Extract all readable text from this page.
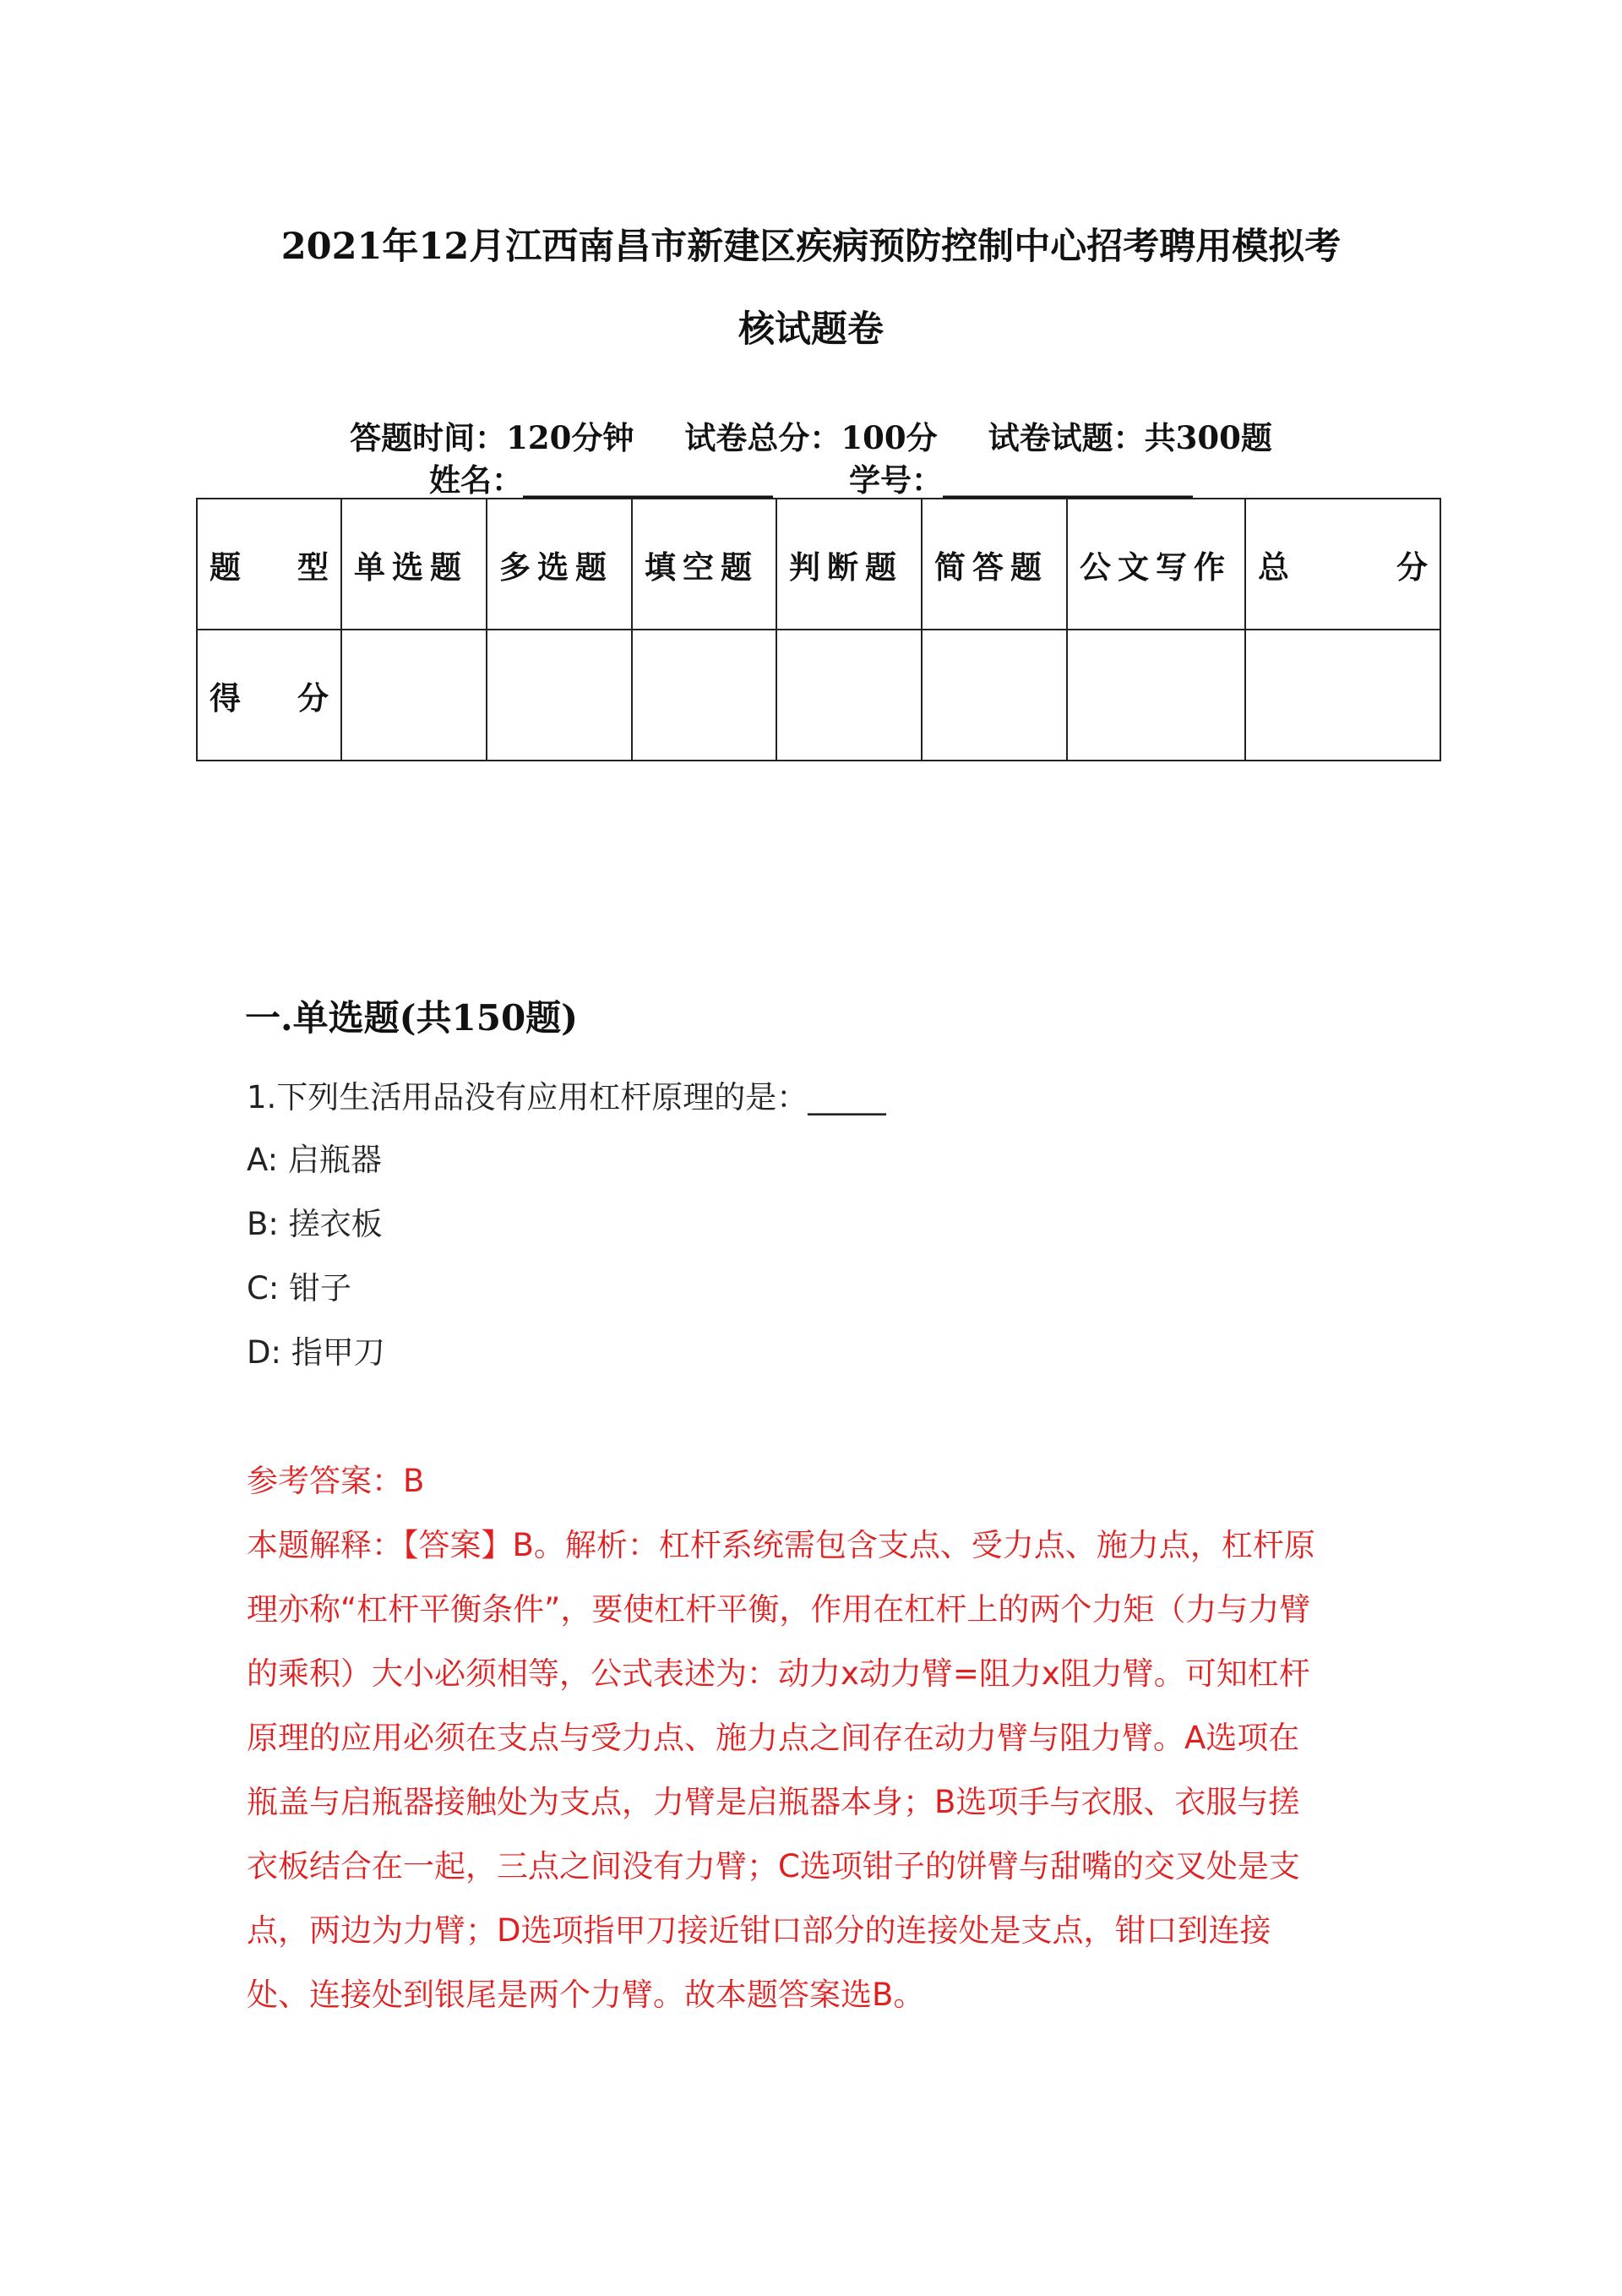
2021年12月江西南昌市新建区疾病预防控制中心招考聘用模拟考
核试题卷
答题时间：120分钟 试卷总分：100分 试卷试题：共300题
姓名：________________ 学号：________________
题 型	单选题	多选题	填空题	判断题	简答题	公文写作	总 分

得 分							

一.单选题(共150题)
1.下列生活用品没有应用杠杆原理的是：_____
A: 启瓶器
B: 搓衣板
C: 钳子
D: 指甲刀
参考答案：B
本题解释：【答案】B。解析：杠杆系统需包含支点、受力点、施力点，杠杆原
理亦称“杠杆平衡条件”，要使杠杆平衡，作用在杠杆上的两个力矩（力与力臂
的乘积）大小必须相等，公式表述为：动力x动力臂=阻力x阻力臂。可知杠杆
原理的应用必须在支点与受力点、施力点之间存在动力臂与阻力臂。A选项在
瓶盖与启瓶器接触处为支点，力臂是启瓶器本身；B选项手与衣服、衣服与搓
衣板结合在一起，三点之间没有力臂；C选项钳子的饼臂与甜嘴的交叉处是支
点，两边为力臂；D选项指甲刀接近钳口部分的连接处是支点，钳口到连接
处、连接处到银尾是两个力臂。故本题答案选B。
